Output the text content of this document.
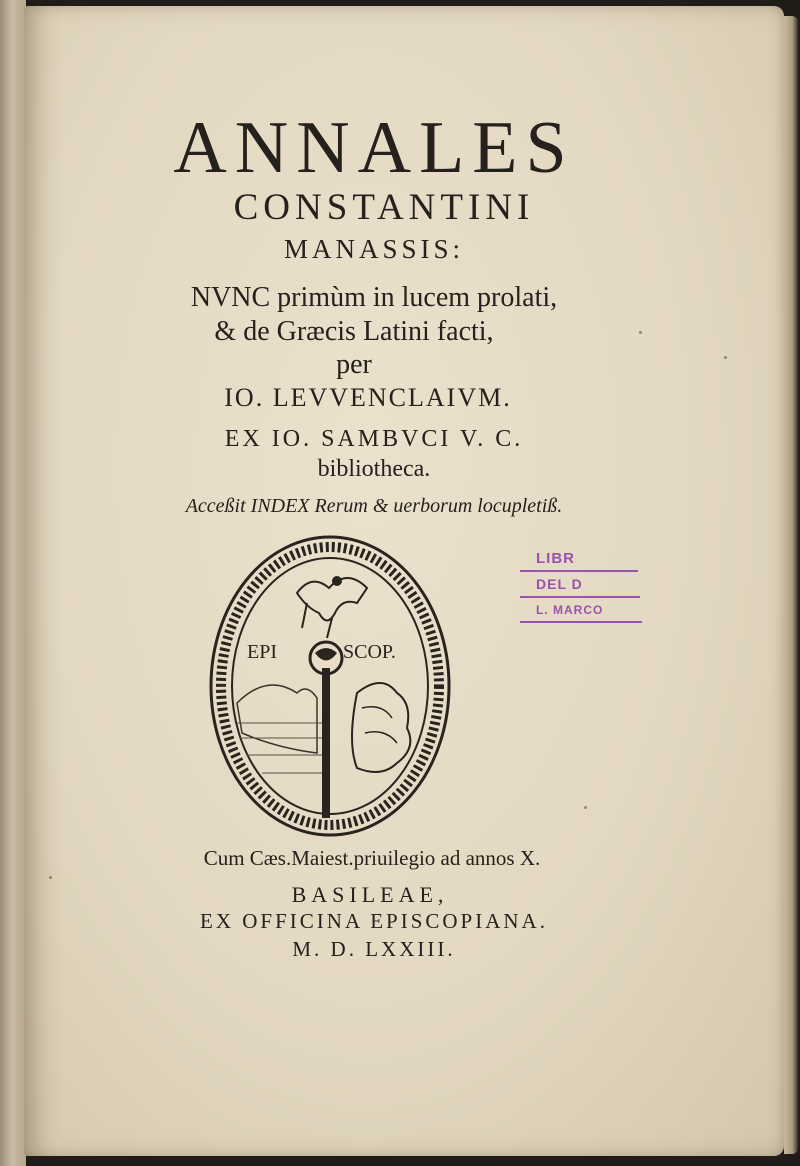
ANNALES
CONSTANTINI
MANASSIS:
NVNC primùm in lucem prolati,
& de Græcis Latini facti,
per
IO. LEVVENCLAIVM.
EX IO. SAMBVCI V. C.
bibliotheca.
Acceßit INDEX Rerum & uerborum locupletiß.
EPI	SCOP.
LIBR
DEL D
L. MARCO
Cum Cæs.Maiest.priuilegio ad annos X.
BASILEAE,
EX OFFICINA EPISCOPIANA.
M. D. LXXIII.
